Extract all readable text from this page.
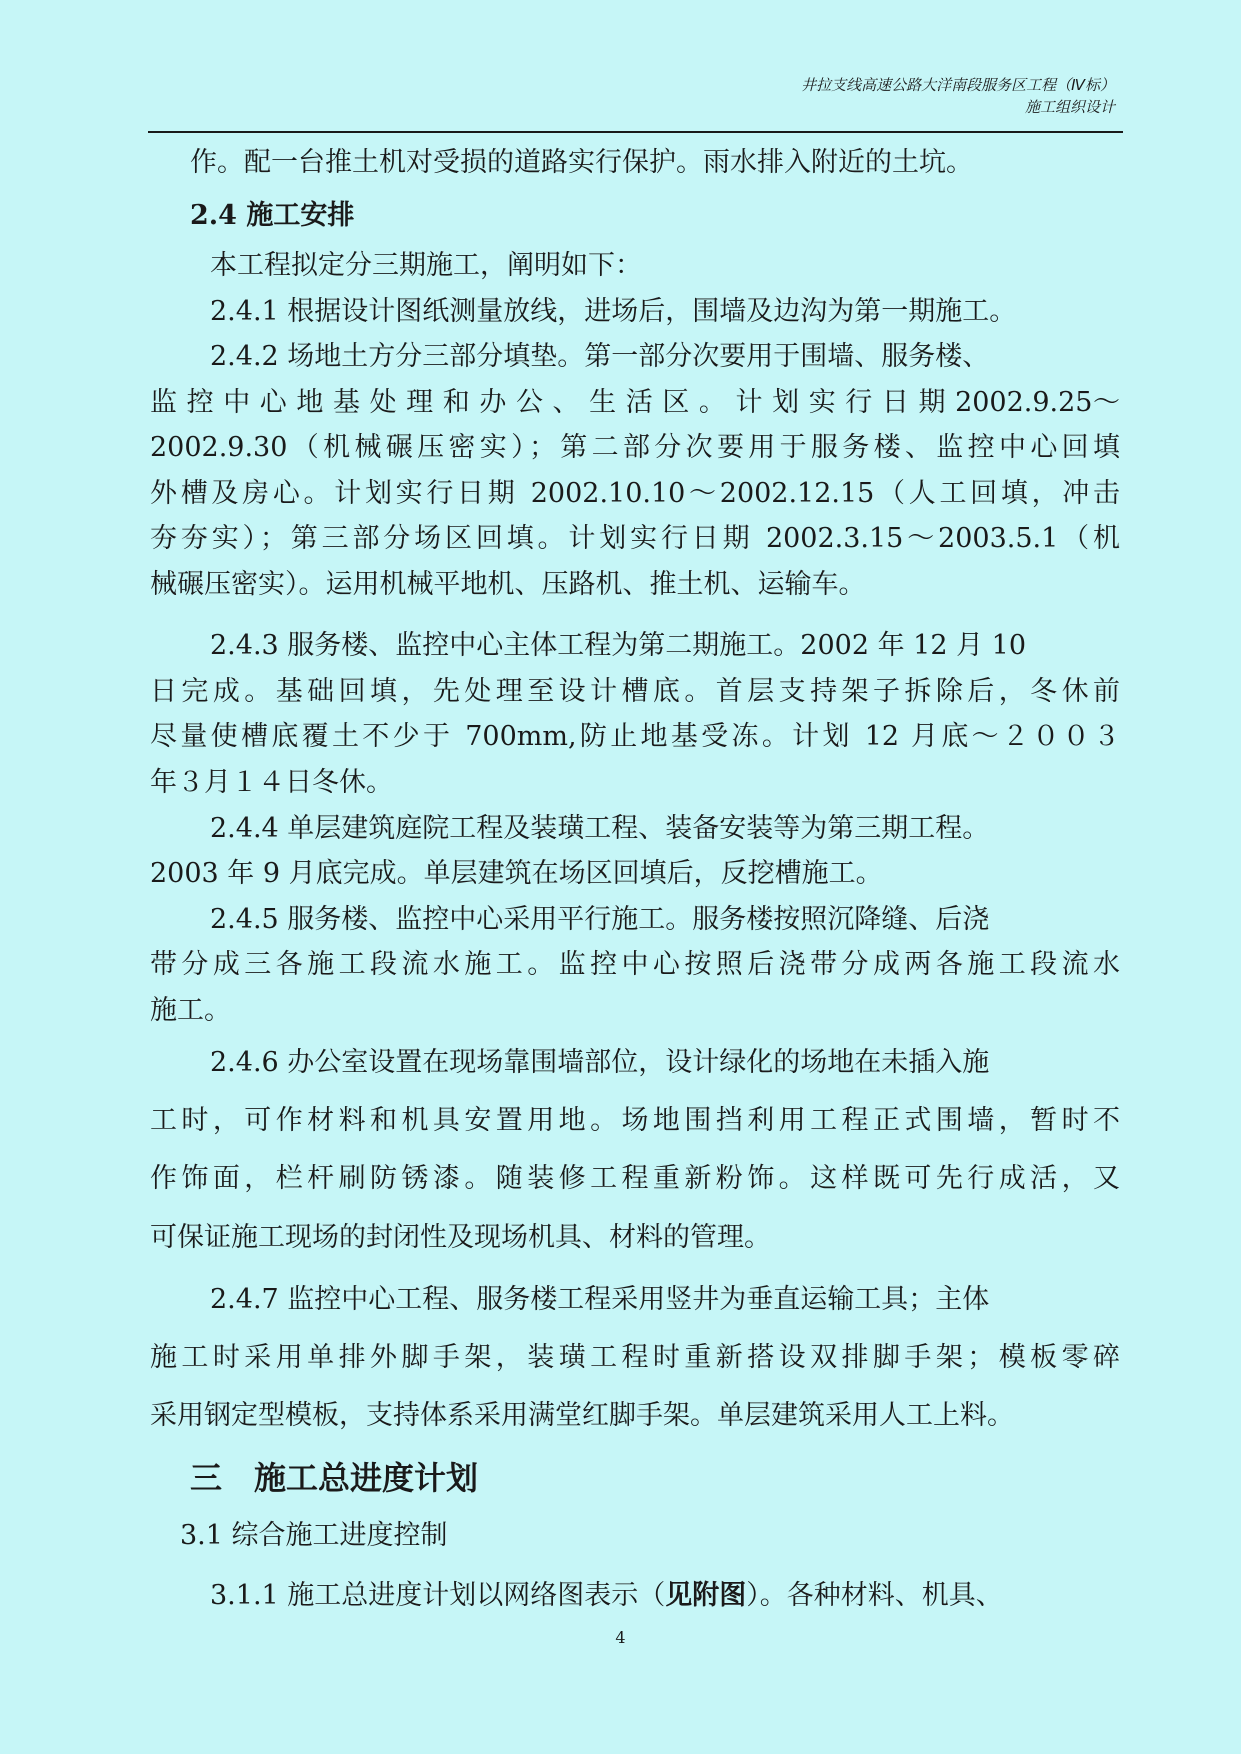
井拉支线高速公路大洋南段服务区工程（Ⅳ标）
施工组织设计
作。配一台推土机对受损的道路实行保护。雨水排入附近的土坑。
2.4 施工安排
本工程拟定分三期施工，阐明如下：
2.4.1 根据设计图纸测量放线，进场后，围墙及边沟为第一期施工。
2.4.2 场地土方分三部分填垫。第一部分次要用于围墙、服务楼、
监 控 中 心 地 基 处 理 和 办 公 、 生 活 区 。 计 划 实 行 日 期 2002.9.25～
2002.9.30（机械碾压密实）；第二部分次要用于服务楼、监控中心回填
外槽及房心。计划实行日期 2002.10.10～2002.12.15（人工回填，冲击
夯夯实）；第三部分场区回填。计划实行日期 2002.3.15～2003.5.1（机
械碾压密实）。运用机械平地机、压路机、推土机、运输车。
2.4.3 服务楼、监控中心主体工程为第二期施工。2002 年 12 月 10
日完成。基础回填，先处理至设计槽底。首层支持架子拆除后，冬休前
尽量使槽底覆土不少于 700mm,防止地基受冻。计划 12 月底～２００３
年３月１４日冬休。
2.4.4 单层建筑庭院工程及装璜工程、装备安装等为第三期工程。
2003 年 9 月底完成。单层建筑在场区回填后，反挖槽施工。
2.4.5 服务楼、监控中心采用平行施工。服务楼按照沉降缝、后浇
带分成三各施工段流水施工。监控中心按照后浇带分成两各施工段流水
施工。
2.4.6 办公室设置在现场靠围墙部位，设计绿化的场地在未插入施
工时，可作材料和机具安置用地。场地围挡利用工程正式围墙，暂时不
作饰面，栏杆刷防锈漆。随装修工程重新粉饰。这样既可先行成活，又
可保证施工现场的封闭性及现场机具、材料的管理。
2.4.7 监控中心工程、服务楼工程采用竖井为垂直运输工具；主体
施工时采用单排外脚手架，装璜工程时重新搭设双排脚手架；模板零碎
采用钢定型模板，支持体系采用满堂红脚手架。单层建筑采用人工上料。
三　施工总进度计划
3.1 综合施工进度控制
3.1.1 施工总进度计划以网络图表示（见附图）。各种材料、机具、
4
